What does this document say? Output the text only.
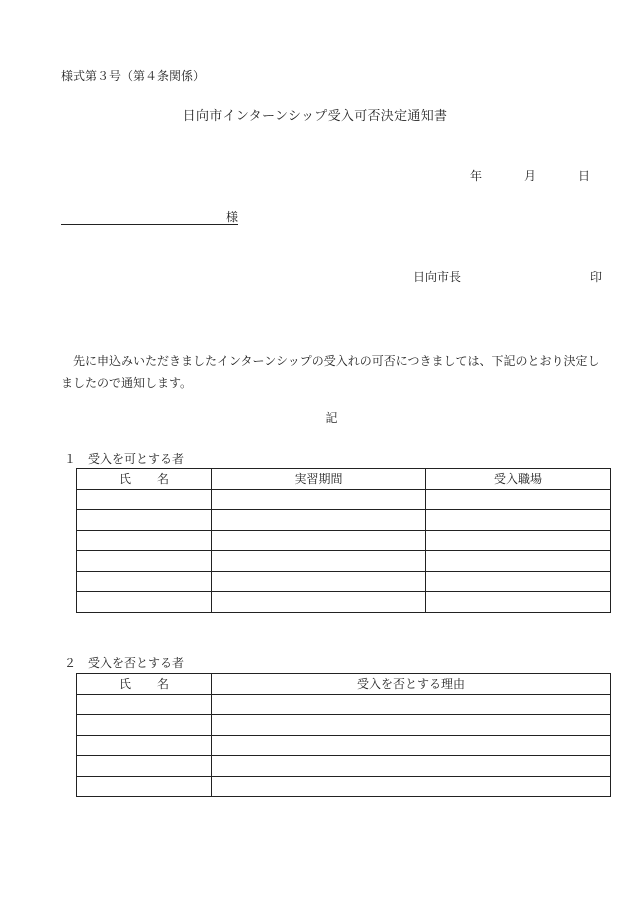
様式第３号（第４条関係）
日向市インターンシップ受入可否決定通知書
年	月	日
様
日向市長	印
先に申込みいただきましたインターンシップの受入れの可否につきましては、下記のとおり決定しましたので通知します。
記
１　受入を可とする者
氏名	実習期間	受入職場

２　受入を否とする者
氏名	受入を否とする理由
